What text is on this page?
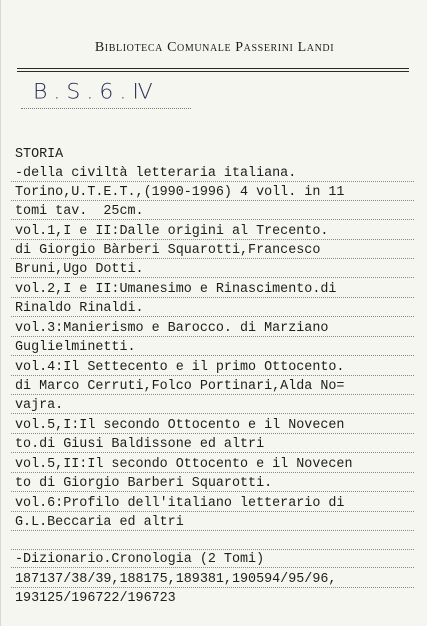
Biblioteca Comunale Passerini Landi
B.S.6.Ⅳ
STORIA
-della civiltà letteraria italiana.
Torino,U.T.E.T.,(1990-1996) 4 voll. in 11
tomi tav.  25cm.
vol.1,I e II:Dalle origini al Trecento.
di Giorgio Bàrberi Squarotti,Francesco
Bruni,Ugo Dotti.
vol.2,I e II:Umanesimo e Rinascimento.di
Rinaldo Rinaldi.
vol.3:Manierismo e Barocco. di Marziano
Guglielminetti.
vol.4:Il Settecento e il primo Ottocento.
di Marco Cerruti,Folco Portinari,Alda No=
vajra.
vol.5,I:Il secondo Ottocento e il Novecen
to.di Giusi Baldissone ed altri
vol.5,II:Il secondo Ottocento e il Novecen
to di Giorgio Barberi Squarotti.
vol.6:Profilo dell'italiano letterario di
G.L.Beccaria ed altri
-Dizionario.Cronologia (2 Tomi)
187137/38/39,188175,189381,190594/95/96,
193125/196722/196723
